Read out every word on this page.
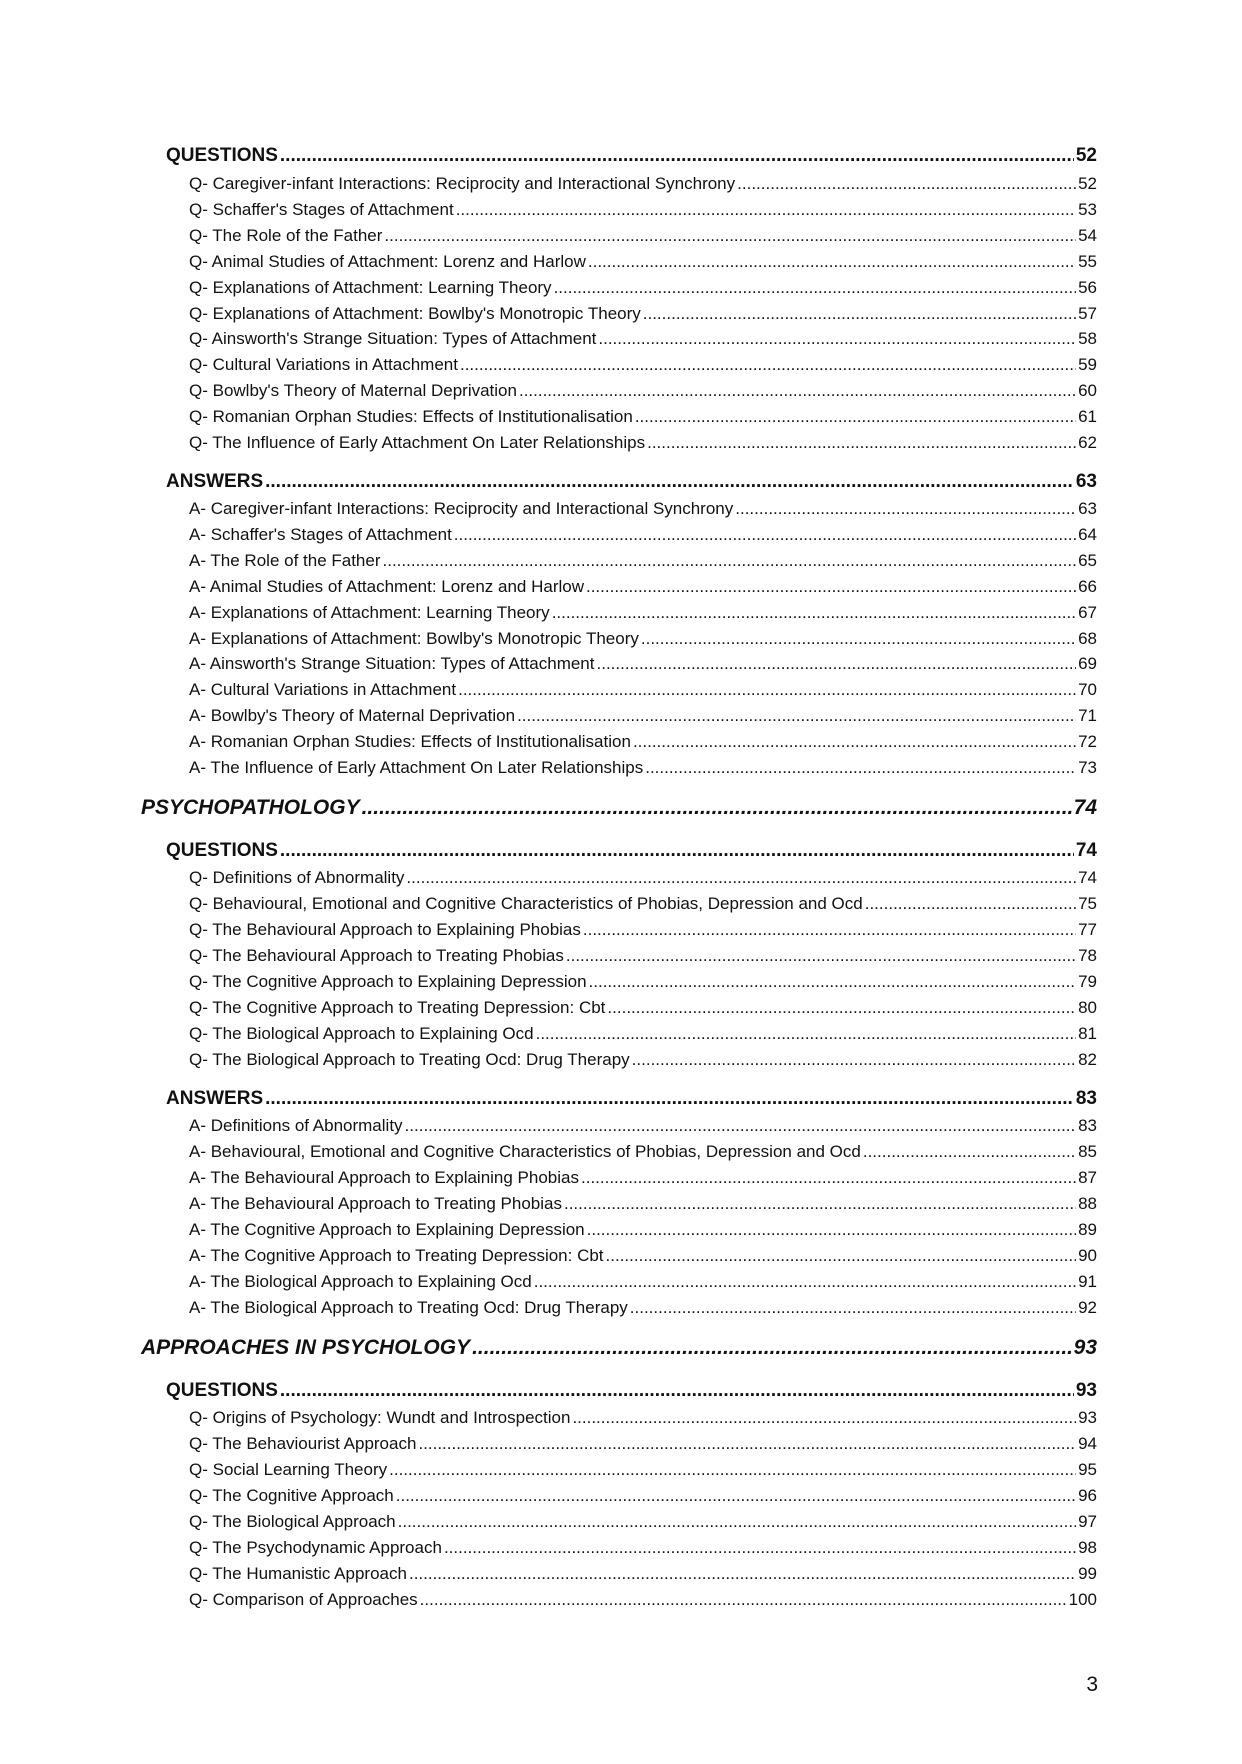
QUESTIONS .....	52
Q- Caregiver-infant Interactions: Reciprocity and Interactional Synchrony .....	52
Q- Schaffer's Stages of Attachment .....	53
Q- The Role of the Father .....	54
Q- Animal Studies of Attachment: Lorenz and Harlow .....	55
Q- Explanations of Attachment: Learning Theory .....	56
Q- Explanations of Attachment: Bowlby's Monotropic Theory .....	57
Q- Ainsworth's Strange Situation: Types of Attachment .....	58
Q- Cultural Variations in Attachment .....	59
Q- Bowlby's Theory of Maternal Deprivation .....	60
Q- Romanian Orphan Studies: Effects of Institutionalisation .....	61
Q- The Influence of Early Attachment On Later Relationships .....	62
ANSWERS .....	63
A- Caregiver-infant Interactions: Reciprocity and Interactional Synchrony .....	63
A- Schaffer's Stages of Attachment .....	64
A- The Role of the Father .....	65
A- Animal Studies of Attachment: Lorenz and Harlow .....	66
A- Explanations of Attachment: Learning Theory .....	67
A- Explanations of Attachment: Bowlby's Monotropic Theory .....	68
A- Ainsworth's Strange Situation: Types of Attachment .....	69
A- Cultural Variations in Attachment .....	70
A- Bowlby's Theory of Maternal Deprivation .....	71
A- Romanian Orphan Studies: Effects of Institutionalisation .....	72
A- The Influence of Early Attachment On Later Relationships .....	73
PSYCHOPATHOLOGY .....	74
QUESTIONS .....	74
Q- Definitions of Abnormality .....	74
Q- Behavioural, Emotional and Cognitive Characteristics of Phobias, Depression and Ocd .....	75
Q- The Behavioural Approach to Explaining Phobias .....	77
Q- The Behavioural Approach to Treating Phobias .....	78
Q- The Cognitive Approach to Explaining Depression .....	79
Q- The Cognitive Approach to Treating Depression: Cbt .....	80
Q- The Biological Approach to Explaining Ocd .....	81
Q- The Biological Approach to Treating Ocd: Drug Therapy .....	82
ANSWERS .....	83
A- Definitions of Abnormality .....	83
A- Behavioural, Emotional and Cognitive Characteristics of Phobias, Depression and Ocd .....	85
A- The Behavioural Approach to Explaining Phobias .....	87
A- The Behavioural Approach to Treating Phobias .....	88
A- The Cognitive Approach to Explaining Depression .....	89
A- The Cognitive Approach to Treating Depression: Cbt .....	90
A- The Biological Approach to Explaining Ocd .....	91
A- The Biological Approach to Treating Ocd: Drug Therapy .....	92
APPROACHES IN PSYCHOLOGY .....	93
QUESTIONS .....	93
Q- Origins of Psychology: Wundt and Introspection .....	93
Q- The Behaviourist Approach .....	94
Q- Social Learning Theory .....	95
Q- The Cognitive Approach .....	96
Q- The Biological Approach .....	97
Q- The Psychodynamic Approach .....	98
Q- The Humanistic Approach .....	99
Q- Comparison of Approaches .....	100
3
